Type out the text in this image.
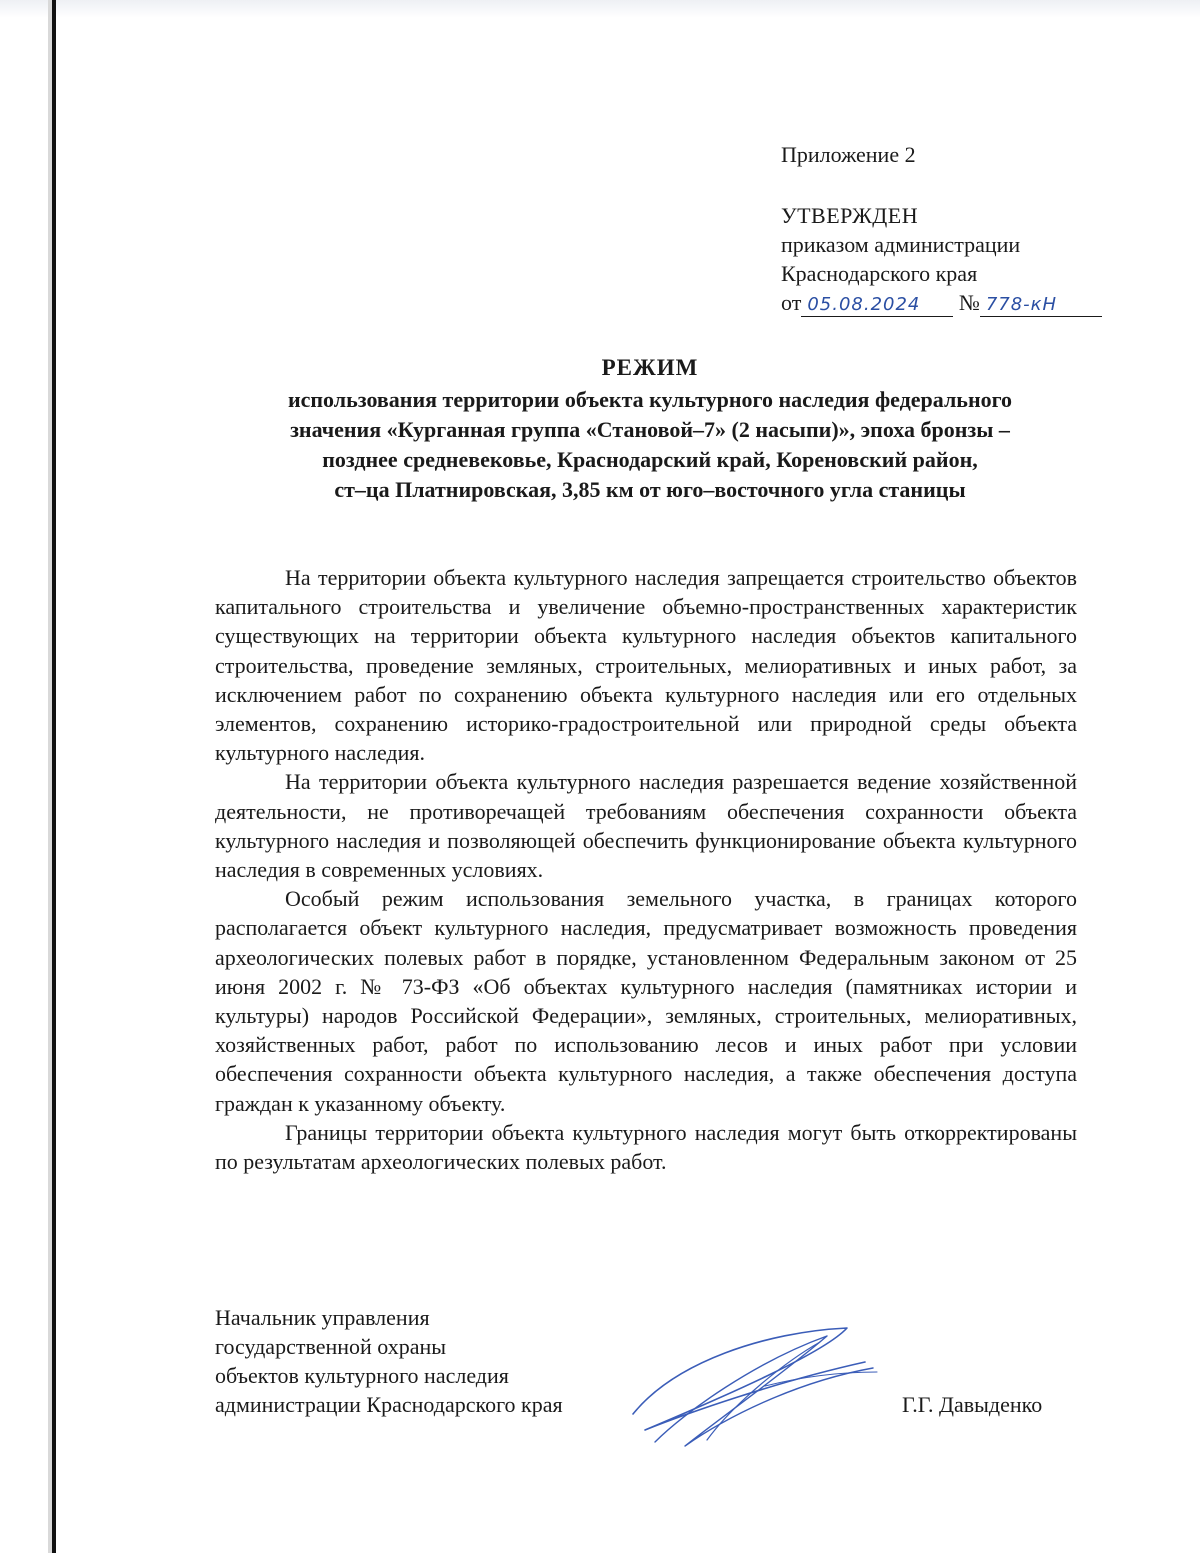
Приложение 2
УТВЕРЖДЕН
приказом администрации
Краснодарского края
от 05.08.2024 № 778-кН
РЕЖИМ
использования территории объекта культурного наследия федерального
значения «Курганная группа «Становой–7» (2 насыпи)», эпоха бронзы –
позднее средневековье, Краснодарский край, Кореновский район,
ст–ца Платнировская, 3,85 км от юго–восточного угла станицы

На территории объекта культурного наследия запрещается строительство объектов капитального строительства и увеличение объемно-пространственных характеристик существующих на территории объекта культурного наследия объектов капитального строительства, проведение земляных, строительных, мелиоративных и иных работ, за исключением работ по сохранению объекта культурного наследия или его отдельных элементов, сохранению историко-градостроительной или природной среды объекта культурного наследия.

На территории объекта культурного наследия разрешается ведение хозяйственной деятельности, не противоречащей требованиям обеспечения сохранности объекта культурного наследия и позволяющей обеспечить функционирование объекта культурного наследия в современных условиях.

Особый режим использования земельного участка, в границах которого располагается объект культурного наследия, предусматривает возможность проведения археологических полевых работ в порядке, установленном Федеральным законом от 25 июня 2002 г. № 73-ФЗ «Об объектах культурного наследия (памятниках истории и культуры) народов Российской Федерации», земляных, строительных, мелиоративных, хозяйственных работ, работ по использованию лесов и иных работ при условии обеспечения сохранности объекта культурного наследия, а также обеспечения доступа граждан к указанному объекту.

Границы территории объекта культурного наследия могут быть откорректированы по результатам археологических полевых работ.

Начальник управления
государственной охраны
объектов культурного наследия
администрации Краснодарского края	Г.Г. Давыденко
